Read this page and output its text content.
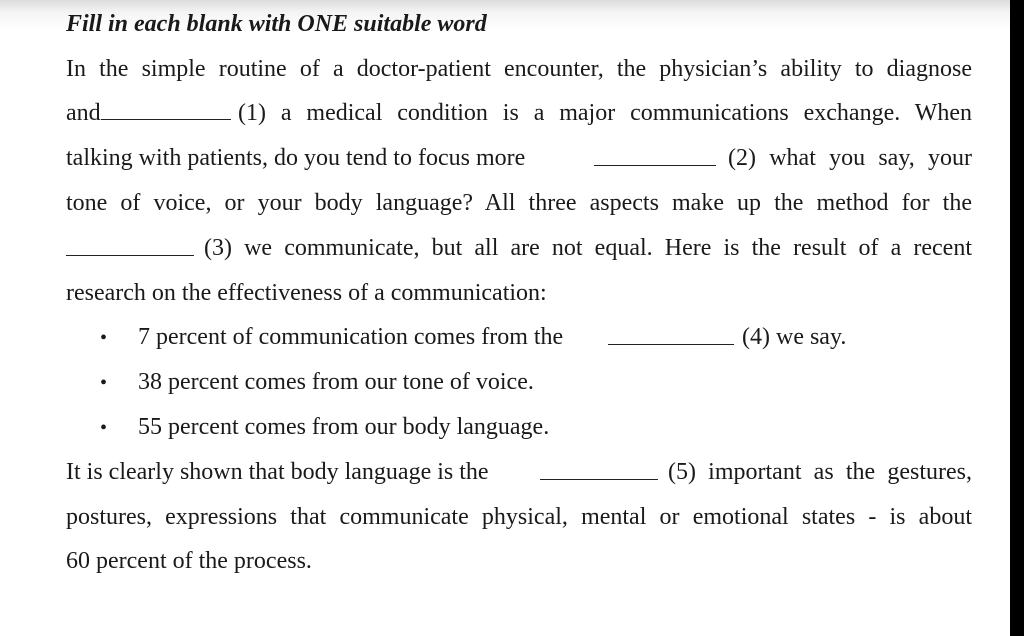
Fill in each blank with ONE suitable word
In the simple routine of a doctor-patient encounter, the physician’s ability to diagnose
and	(1) a medical condition is a major communications exchange. When
talking with patients, do you tend to focus more	(2) what you say, your
tone of voice, or your body language? All three aspects make up the method for the
(3) we communicate, but all are not equal. Here is the result of a recent
research on the effectiveness of a communication:
•7 percent of communication comes from the	(4) we say.
•38 percent comes from our tone of voice.
•55 percent comes from our body language.
It is clearly shown that body language is the	(5) important as the gestures,
postures, expressions that communicate physical, mental or emotional states - is about
60 percent of the process.
